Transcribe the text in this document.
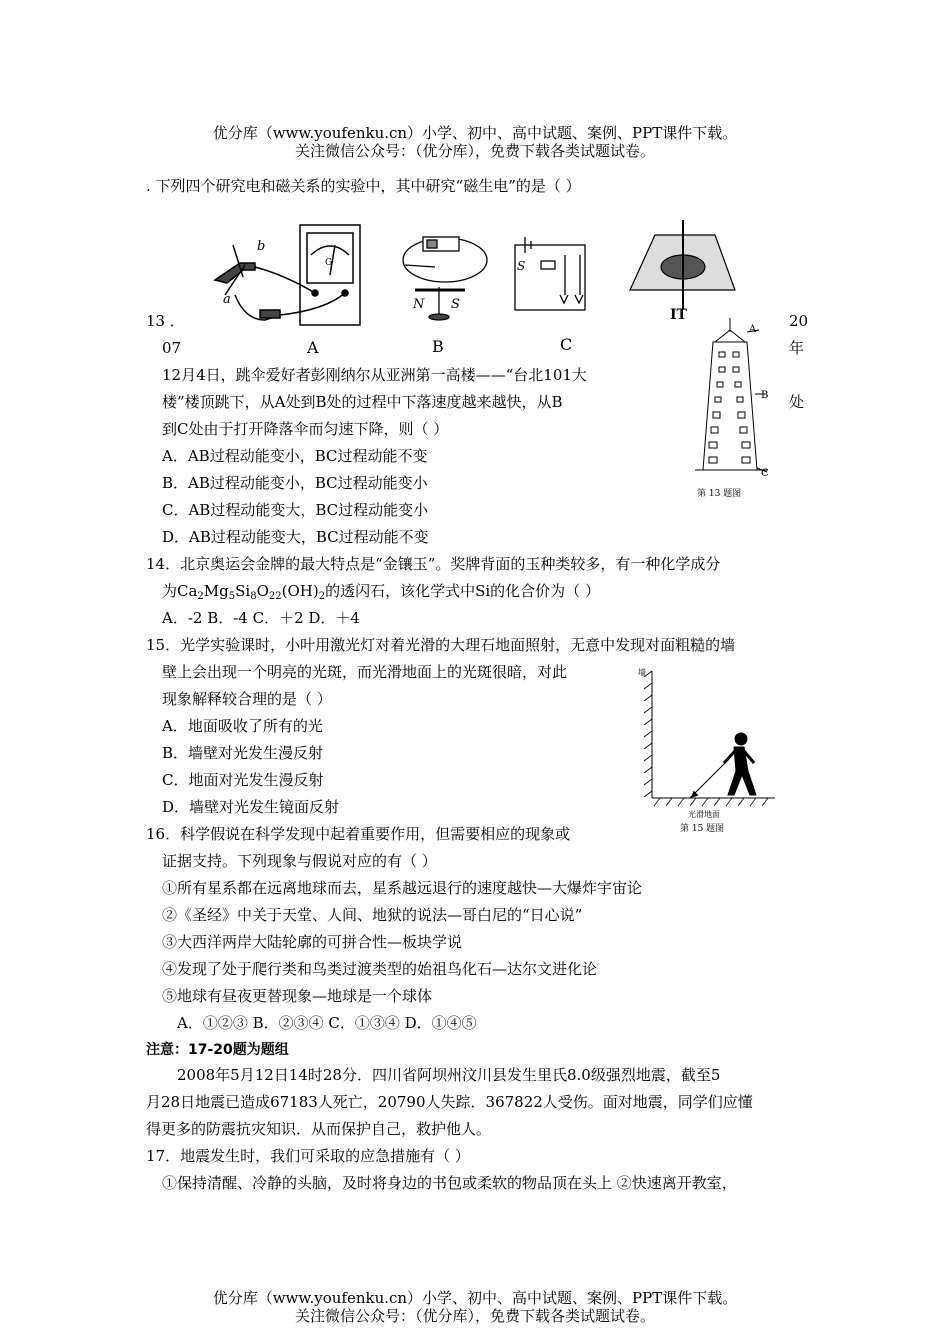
优分库（www.youfenku.cn）小学、初中、高中试题、案例、PPT课件下载。
关注微信公众号：（优分库），免费下载各类试题试卷。
. 下列四个研究电和磁关系的实验中，其中研究“磁生电”的是（ ）
b
a
G
N S
S
IT
A	B	C
13 ．	20
07	年
12月4日，跳伞爱好者彭刚纳尔从亚洲第一高楼——“台北101大
楼”楼顶跳下，从A处到B处的过程中下落速度越来越快，从B	处
到C处由于打开降落伞而匀速下降，则（ ）
A．AB过程动能变小，BC过程动能不变
B．AB过程动能变小，BC过程动能变小
C．AB过程动能变大，BC过程动能变小
D．AB过程动能变大，BC过程动能不变
A
B
C
第 13 题图
14．北京奥运会金牌的最大特点是“金镶玉”。奖牌背面的玉种类较多，有一种化学成分
为$Ca_2Mg_5Si_8O_{22}(OH)_2$的透闪石，该化学式中Si的化合价为（ ）
A．-2 B．-4 C．＋2 D．＋4
15．光学实验课时，小叶用激光灯对着光滑的大理石地面照射，无意中发现对面粗糙的墙
壁上会出现一个明亮的光斑，而光滑地面上的光斑很暗，对此
现象解释较合理的是（ ）
A．地面吸收了所有的光
B．墙壁对光发生漫反射
C．地面对光发生漫反射
D．墙壁对光发生镜面反射
墙
光滑地面
第 15 题图
16．科学假说在科学发现中起着重要作用，但需要相应的现象或
证据支持。下列现象与假说对应的有（ ）
①所有星系都在远离地球而去，星系越远退行的速度越快—大爆炸宇宙论
②《圣经》中关于天堂、人间、地狱的说法—哥白尼的“日心说”
③大西洋两岸大陆轮廓的可拼合性—板块学说
④发现了处于爬行类和鸟类过渡类型的始祖鸟化石—达尔文进化论
⑤地球有昼夜更替现象—地球是一个球体
A．①②③ B．②③④ C．①③④ D．①④⑤
注意：17-20题为题组
2008年5月12日14时28分．四川省阿坝州汶川县发生里氏8.0级强烈地震，截至5
月28日地震已造成67183人死亡，20790人失踪．367822人受伤。面对地震，同学们应懂
得更多的防震抗灾知识．从而保护自己，救护他人。
17．地震发生时，我们可采取的应急措施有（ ）
①保持清醒、冷静的头脑，及时将身边的书包或柔软的物品顶在头上 ②快速离开教室，
优分库（www.youfenku.cn）小学、初中、高中试题、案例、PPT课件下载。
关注微信公众号：（优分库），免费下载各类试题试卷。
